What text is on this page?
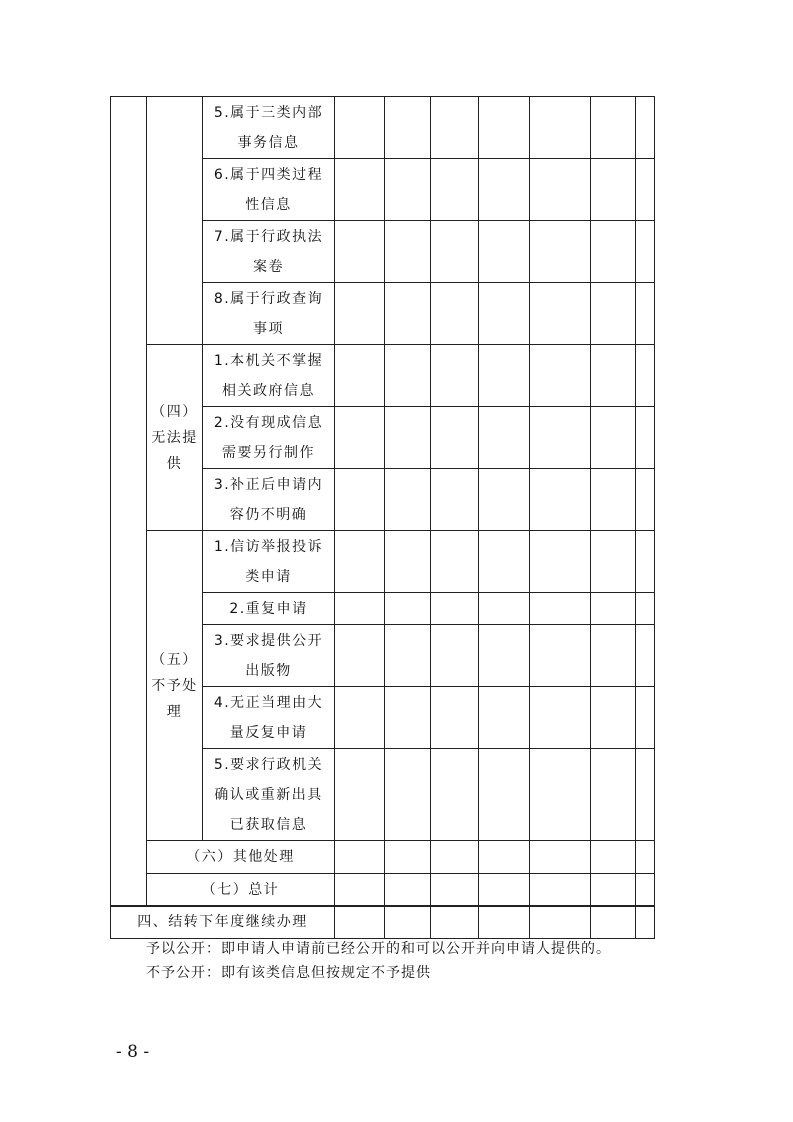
		5.属于三类内部事务信息							
		6.属于四类过程性信息							
		7.属于行政执法案卷							
		8.属于行政查询事项							
	（四）无法提供	1.本机关不掌握相关政府信息							
		2.没有现成信息需要另行制作							
		3.补正后申请内容仍不明确							
	（五）不予处理	1.信访举报投诉类申请							
		2.重复申请							
		3.要求提供公开出版物							
		4.无正当理由大量反复申请							
		5.要求行政机关确认或重新出具已获取信息							
	（六）其他处理								
	（七）总计								
四、结转下年度继续办理							
予以公开：即申请人申请前已经公开的和可以公开并向申请人提供的。
不予公开：即有该类信息但按规定不予提供
- 8 -
